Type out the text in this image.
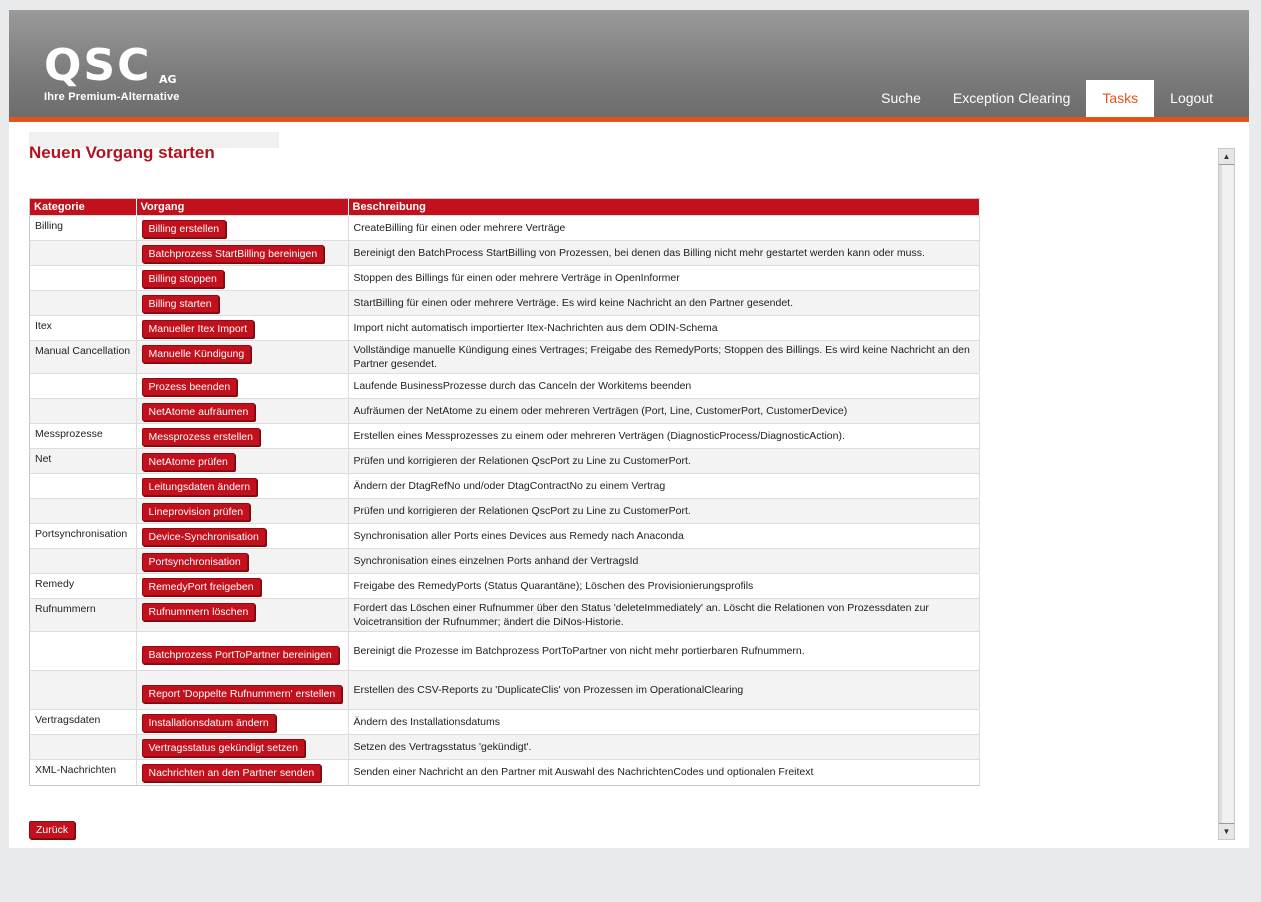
QSC AG
Ihre Premium-Alternative	Suche	Exception Clearing	Tasks	Logout
Neuen Vorgang starten
Kategorie	Vorgang	Beschreibung
Billing	Billing erstellen	CreateBilling für einen oder mehrere Verträge
	Batchprozess StartBilling bereinigen	Bereinigt den BatchProcess StartBilling von Prozessen, bei denen das Billing nicht mehr gestartet werden kann oder muss.
	Billing stoppen	Stoppen des Billings für einen oder mehrere Verträge in OpenInformer
	Billing starten	StartBilling für einen oder mehrere Verträge. Es wird keine Nachricht an den Partner gesendet.
Itex	Manueller Itex Import	Import nicht automatisch importierter Itex-Nachrichten aus dem ODIN-Schema
Manual Cancellation	Manuelle Kündigung	Vollständige manuelle Kündigung eines Vertrages; Freigabe des RemedyPorts; Stoppen des Billings. Es wird keine Nachricht an den Partner gesendet.
	Prozess beenden	Laufende BusinessProzesse durch das Canceln der Workitems beenden
	NetAtome aufräumen	Aufräumen der NetAtome zu einem oder mehreren Verträgen (Port, Line, CustomerPort, CustomerDevice)
Messprozesse	Messprozess erstellen	Erstellen eines Messprozesses zu einem oder mehreren Verträgen (DiagnosticProcess/DiagnosticAction).
Net	NetAtome prüfen	Prüfen und korrigieren der Relationen QscPort zu Line zu CustomerPort.
	Leitungsdaten ändern	Ändern der DtagRefNo und/oder DtagContractNo zu einem Vertrag
	Lineprovision prüfen	Prüfen und korrigieren der Relationen QscPort zu Line zu CustomerPort.
Portsynchronisation	Device-Synchronisation	Synchronisation aller Ports eines Devices aus Remedy nach Anaconda
	Portsynchronisation	Synchronisation eines einzelnen Ports anhand der VertragsId
Remedy	RemedyPort freigeben	Freigabe des RemedyPorts (Status Quarantäne); Löschen des Provisionierungsprofils
Rufnummern	Rufnummern löschen	Fordert das Löschen einer Rufnummer über den Status 'deleteImmediately' an. Löscht die Relationen von Prozessdaten zur Voicetransition der Rufnummer; ändert die DiNos-Historie.
	Batchprozess PortToPartner bereinigen	Bereinigt die Prozesse im Batchprozess PortToPartner von nicht mehr portierbaren Rufnummern.
	Report 'Doppelte Rufnummern' erstellen	Erstellen des CSV-Reports zu 'DuplicateClis' von Prozessen im OperationalClearing
Vertragsdaten	Installationsdatum ändern	Ändern des Installationsdatums
	Vertragsstatus gekündigt setzen	Setzen des Vertragsstatus 'gekündigt'.
XML-Nachrichten	Nachrichten an den Partner senden	Senden einer Nachricht an den Partner mit Auswahl des NachrichtenCodes und optionalen Freitext
▲
▼
Zurück
